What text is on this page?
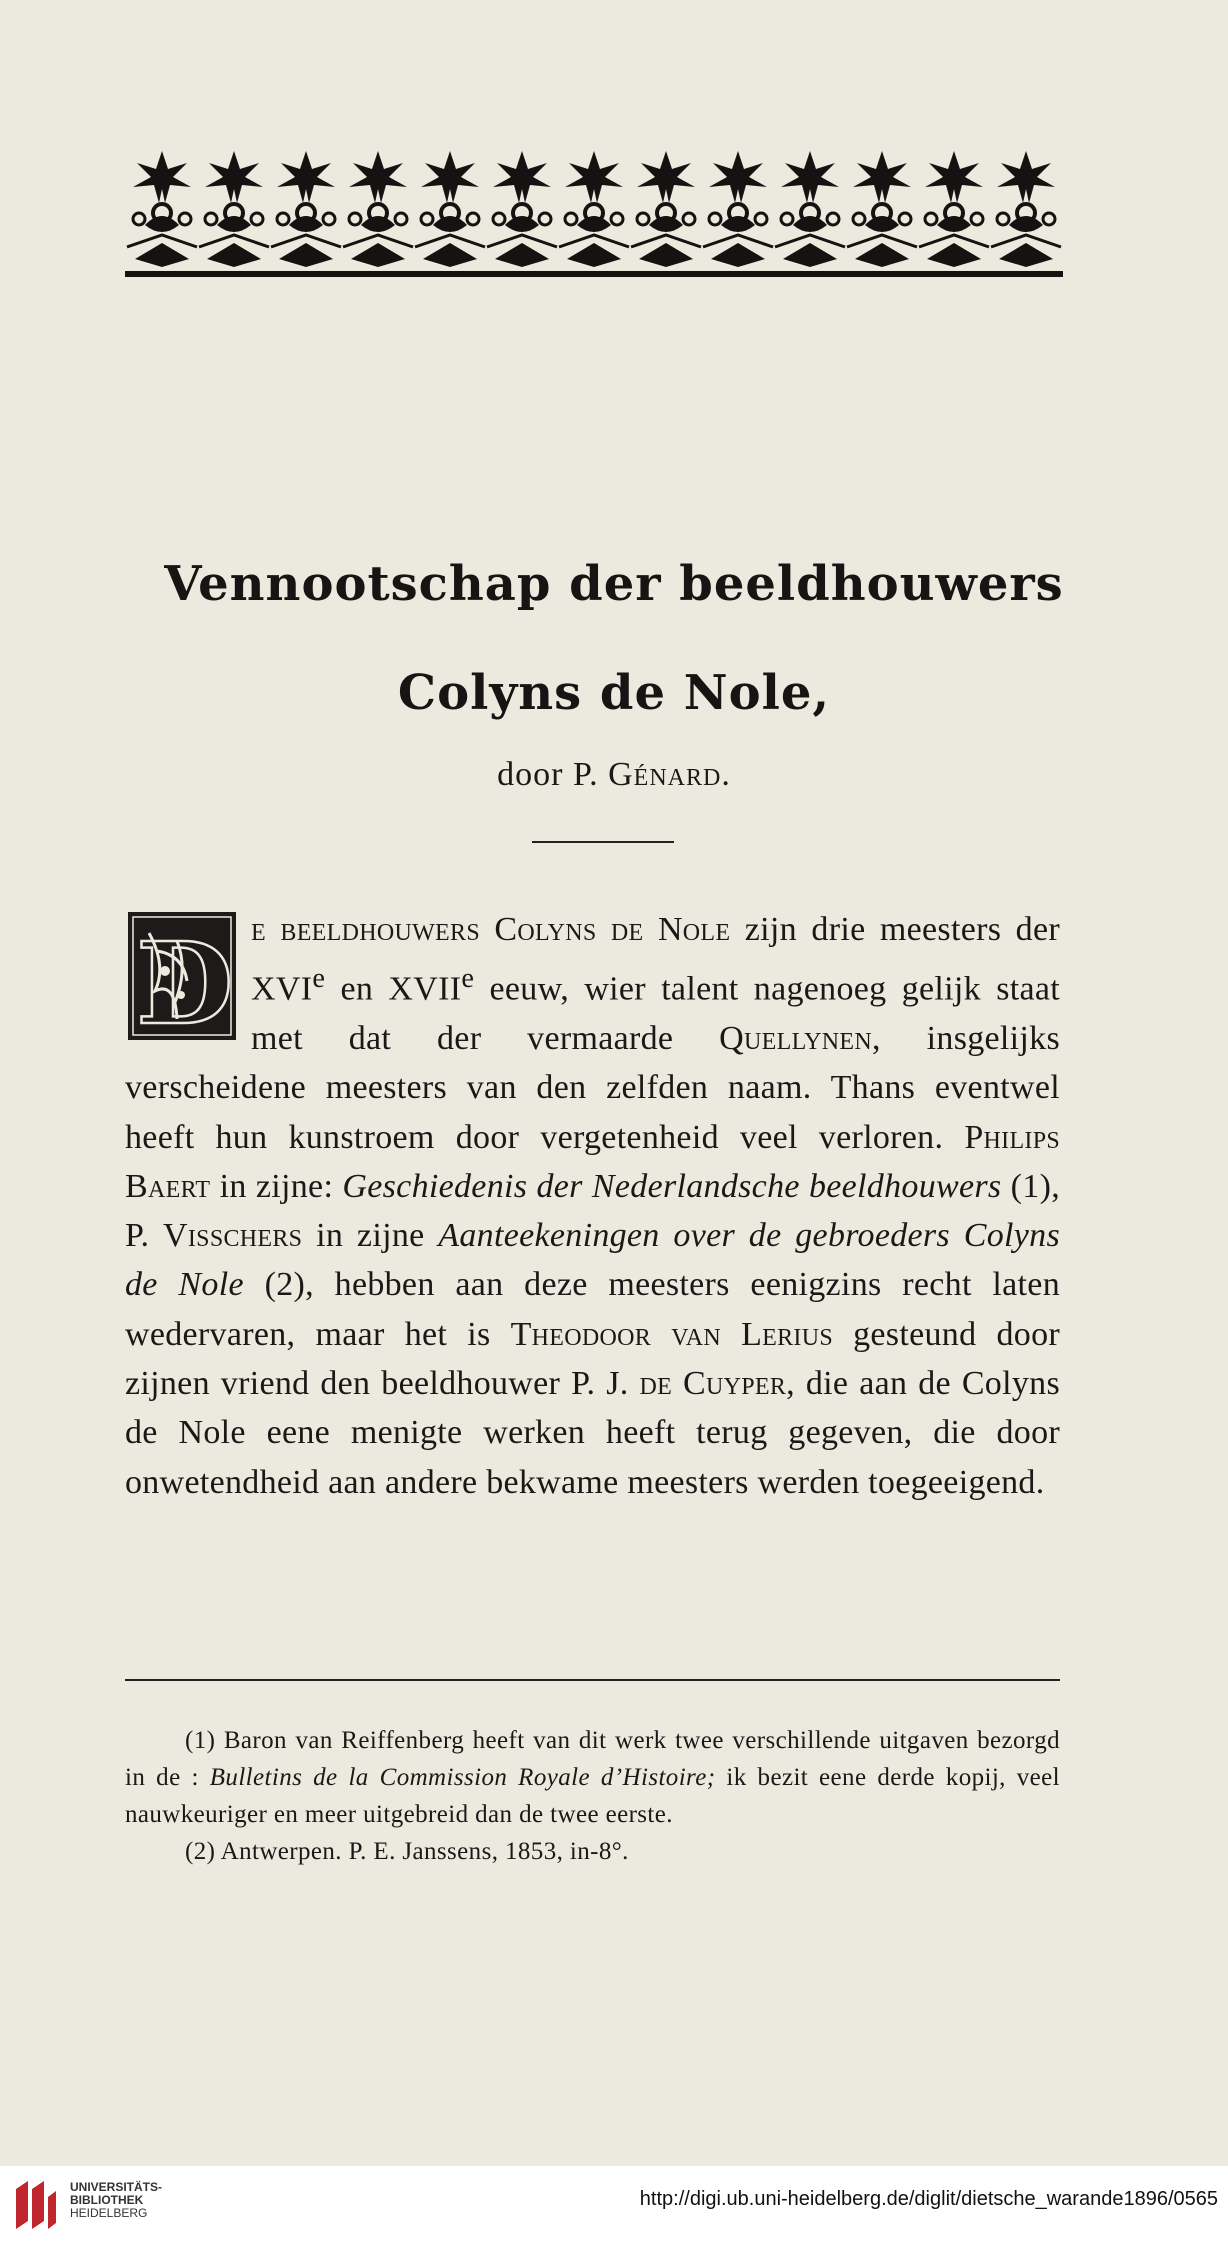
Vennootschap der beeldhouwers
Colyns de Nole,
door P. Génard.
D e beeldhouwers Colyns de Nole zijn drie meesters der XVIe en XVIIe eeuw, wier talent nagenoeg gelijk staat met dat der vermaarde Quellynen, insgelijks verscheidene meesters van den zelfden naam. Thans eventwel heeft hun kunstroem door vergetenheid veel verloren. Philips Baert in zijne: Geschiedenis der Nederlandsche beeldhouwers (1), P. Visschers in zijne Aanteekeningen over de gebroeders Colyns de Nole (2), hebben aan deze meesters eenigzins recht laten wedervaren, maar het is Theodoor van Lerius gesteund door zijnen vriend den beeldhouwer P. J. de Cuyper, die aan de Colyns de Nole eene menigte werken heeft terug gegeven, die door onwetendheid aan andere bekwame meesters werden toegeeigend.

(1) Baron van Reiffenberg heeft van dit werk twee verschillende uitgaven bezorgd in de : Bulletins de la Commission Royale d’Histoire; ik bezit eene derde kopij, veel nauwkeuriger en meer uitgebreid dan de twee eerste.

(2) Antwerpen. P. E. Janssens, 1853, in-8°.

UNIVERSITÄTS-
BIBLIOTHEK
HEIDELBERG
http://digi.ub.uni-heidelberg.de/diglit/dietsche_warande1896/0565
